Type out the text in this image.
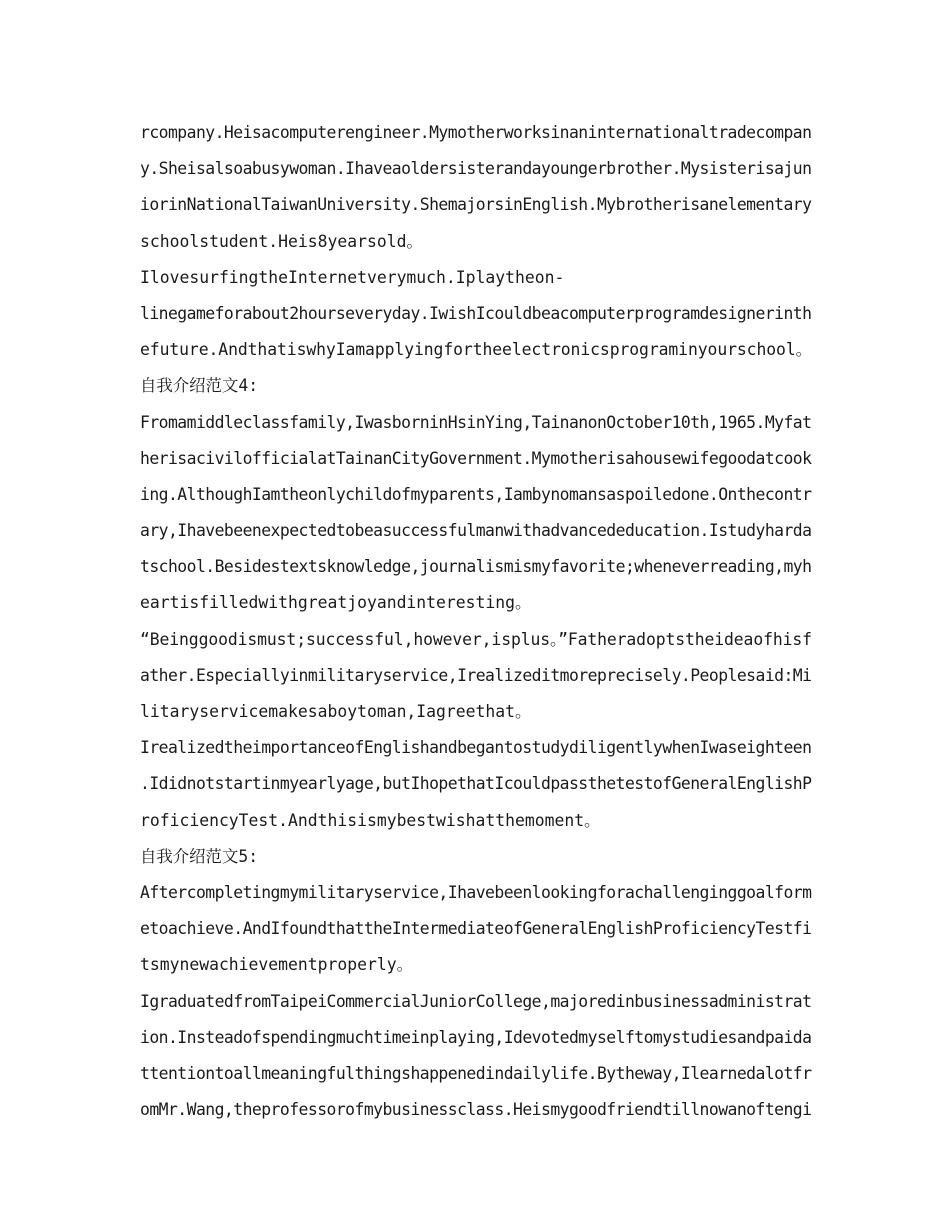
rcompany.Heisacomputerengineer.Mymotherworksinaninternationaltradecompan
y.Sheisalsoabusywoman.Ihaveaoldersisterandayoungerbrother.Mysisterisajun
iorinNationalTaiwanUniversity.ShemajorsinEnglish.Mybrotherisanelementary
schoolstudent.Heis8yearsold。
IlovesurfingtheInternetverymuch.Iplaytheon-
linegameforabout2hourseveryday.IwishIcouldbeacomputerprogramdesignerinth
efuture.AndthatiswhyIamapplyingfortheelectronicsprograminyourschool。
自我介绍范文4:
Fromamiddleclassfamily,IwasborninHsinYing,TainanonOctober10th,1965.Myfat
herisacivilofficialatTainanCityGovernment.Mymotherisahousewifegoodatcook
ing.AlthoughIamtheonlychildofmyparents,Iambynomansaspoiledone.Onthecontr
ary,Ihavebeenexpectedtobeasuccessfulmanwithadvancededucation.Istudyharda
tschool.Besidestextsknowledge,journalismismyfavorite;wheneverreading,myh
eartisfilledwithgreatjoyandinteresting。
“Beinggoodismust;successful,however,isplus。”Fatheradoptstheideaofhisf
ather.Especiallyinmilitaryservice,Irealizeditmoreprecisely.Peoplesaid:Mi
litaryservicemakesaboytoman,Iagreethat。
IrealizedtheimportanceofEnglishandbegantostudydiligentlywhenIwaseighteen
.Ididnotstartinmyearlyage,butIhopethatIcouldpassthetestofGeneralEnglishP
roficiencyTest.Andthisismybestwishatthemoment。
自我介绍范文5:
Aftercompletingmymilitaryservice,Ihavebeenlookingforachallenginggoalform
etoachieve.AndIfoundthattheIntermediateofGeneralEnglishProficiencyTestfi
tsmynewachievementproperly。
IgraduatedfromTaipeiCommercialJuniorCollege,majoredinbusinessadministrat
ion.Insteadofspendingmuchtimeinplaying,Idevotedmyselftomystudiesandpaida
ttentiontoallmeaningfulthingshappenedindailylife.Bytheway,Ilearnedalotfr
omMr.Wang,theprofessorofmybusinessclass.Heismygoodfriendtillnowanoftengi
